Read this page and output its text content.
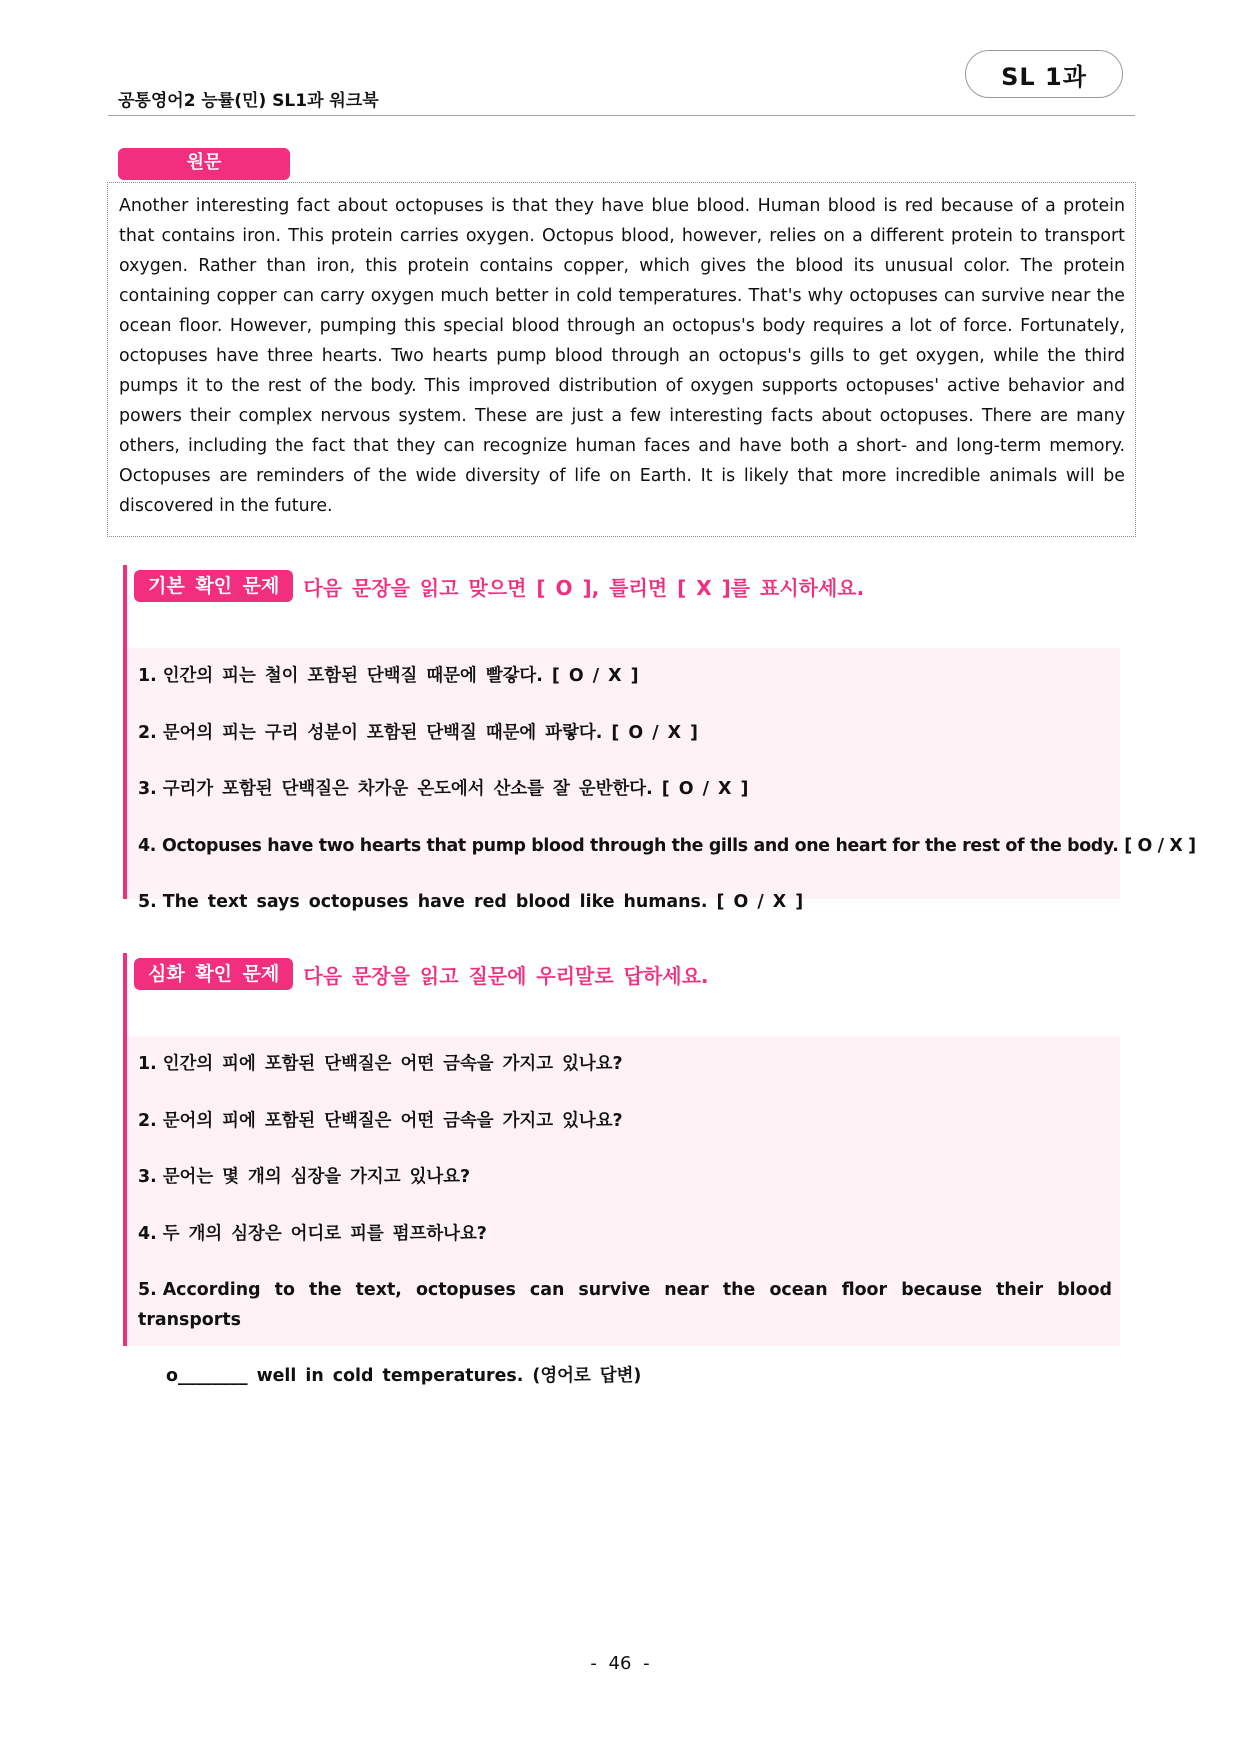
공통영어2 능률(민) SL1과 워크북
SL 1과
원문

Another interesting fact about octopuses is that they have blue blood. Human blood is red because of a protein that contains iron. This protein carries oxygen. Octopus blood, however, relies on a different protein to transport oxygen. Rather than iron, this protein contains copper, which gives the blood its unusual color. The protein containing copper can carry oxygen much better in cold temperatures. That's why octopuses can survive near the ocean floor. However, pumping this special blood through an octopus's body requires a lot of force. Fortunately, octopuses have three hearts. Two hearts pump blood through an octopus's gills to get oxygen, while the third pumps it to the rest of the body. This improved distribution of oxygen supports octopuses' active behavior and powers their complex nervous system. These are just a few interesting facts about octopuses. There are many others, including the fact that they can recognize human faces and have both a short- and long-term memory. Octopuses are reminders of the wide diversity of life on Earth. It is likely that more incredible animals will be discovered in the future.

기본 확인 문제	다음 문장을 읽고 맞으면 [ O ], 틀리면 [ X ]를 표시하세요.
1. 인간의 피는 철이 포함된 단백질 때문에 빨갛다. [ O / X ]
2. 문어의 피는 구리 성분이 포함된 단백질 때문에 파랗다. [ O / X ]
3. 구리가 포함된 단백질은 차가운 온도에서 산소를 잘 운반한다. [ O / X ]
4. Octopuses have two hearts that pump blood through the gills and one heart for the rest of the body. [ O / X ]
5. The text says octopuses have red blood like humans. [ O / X ]
심화 확인 문제	다음 문장을 읽고 질문에 우리말로 답하세요.
1. 인간의 피에 포함된 단백질은 어떤 금속을 가지고 있나요?
2. 문어의 피에 포함된 단백질은 어떤 금속을 가지고 있나요?
3. 문어는 몇 개의 심장을 가지고 있나요?
4. 두 개의 심장은 어디로 피를 펌프하나요?
5. According to the text, octopuses can survive near the ocean floor because their blood transports
o________ well in cold temperatures. (영어로 답변)
- 46 -
